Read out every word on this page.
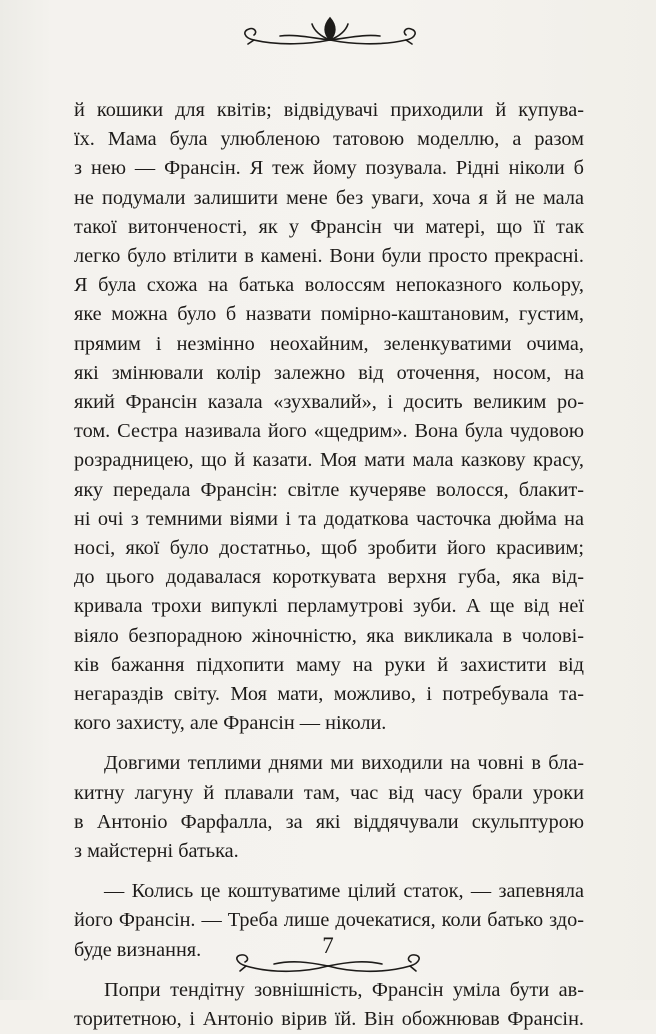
й кошики для квітів; відвідувачі приходили й купува-
їх. Мама була улюбленою татовою моделлю, а разом
з нею — Франсін. Я теж йому позувала. Рідні ніколи б
не подумали залишити мене без уваги, хоча я й не мала
такої витонченості, як у Франсін чи матері, що її так
легко було втілити в камені. Вони були просто прекрасні.
Я була схожа на батька волоссям непоказного кольору,
яке можна було б назвати помірно-каштановим, густим,
прямим і незмінно неохайним, зеленкуватими очима,
які змінювали колір залежно від оточення, носом, на
який Франсін казала «зухвалий», і досить великим ро-
том. Сестра називала його «щедрим». Вона була чудовою
розрадницею, що й казати. Моя мати мала казкову красу,
яку передала Франсін: світле кучеряве волосся, блакит-
ні очі з темними віями і та додаткова часточка дюйма на
носі, якої було достатньо, щоб зробити його красивим;
до цього додавалася короткувата верхня губа, яка від-
кривала трохи випуклі перламутрові зуби. А ще від неї
віяло безпорадною жіночністю, яка викликала в чолові-
ків бажання підхопити маму на руки й захистити від
негараздів світу. Моя мати, можливо, і потребувала та-
кого захисту, але Франсін — ніколи.

Довгими теплими днями ми виходили на човні в бла-
китну лагуну й плавали там, час від часу брали уроки
в Антоніо Фарфалла, за які віддячували скульптурою
з майстерні батька.

— Колись це коштуватиме цілий статок, — запевняла
його Франсін. — Треба лише дочекатися, коли батько здо-
буде визнання.

Попри тендітну зовнішність, Франсін уміла бути ав-
торитетною, і Антоніо вірив їй. Він обожнював Франсін.

7
